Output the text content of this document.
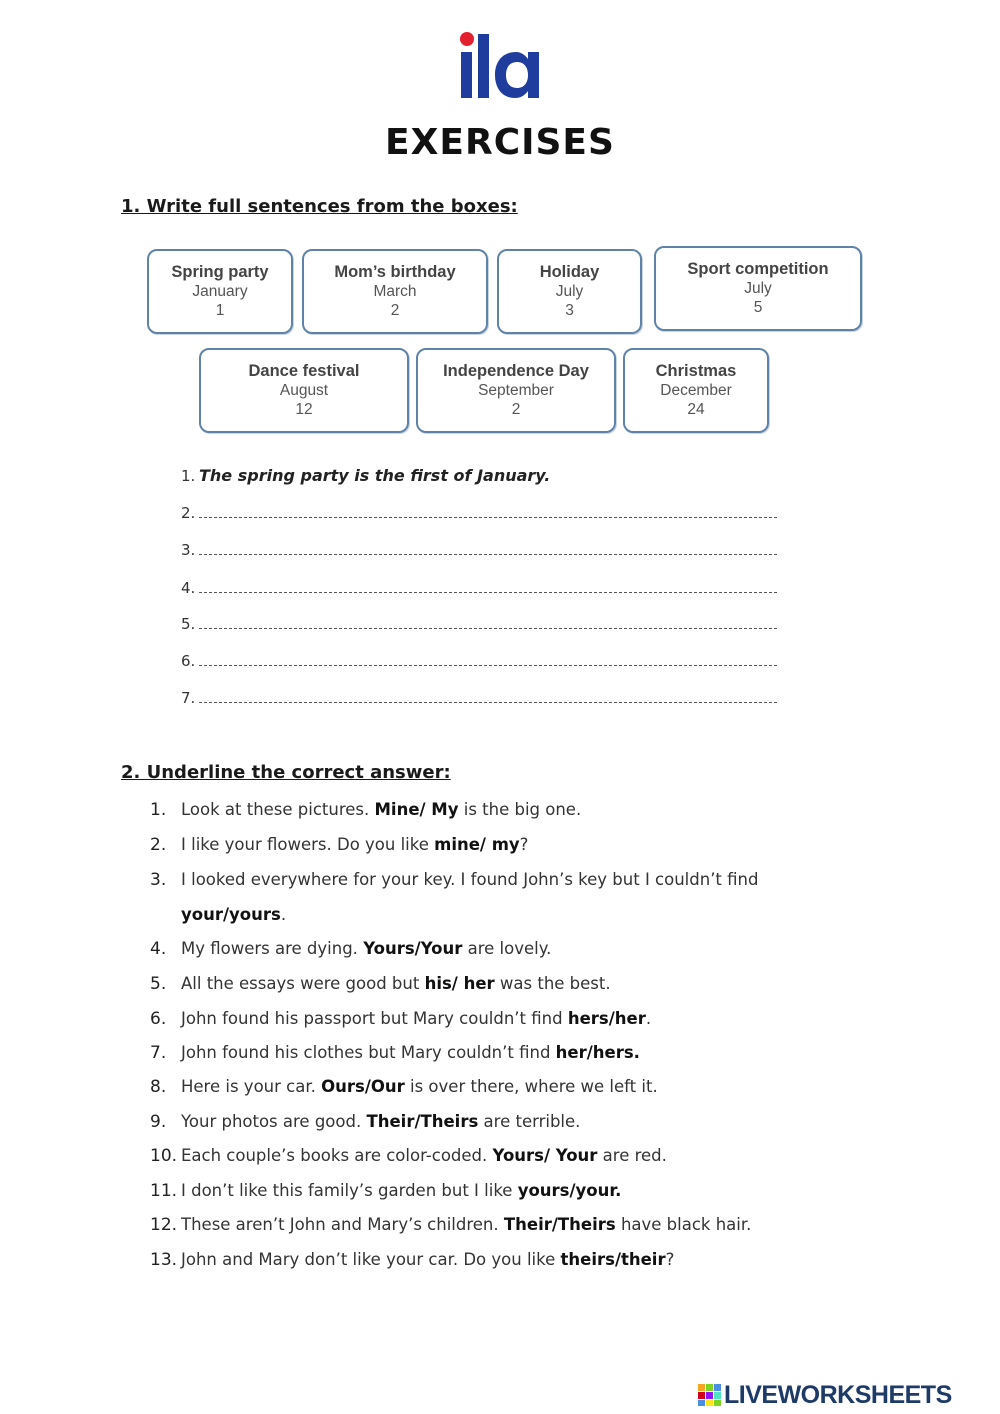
EXERCISES
1. Write full sentences from the boxes:
Spring party
January
1
Mom’s birthday
March
2
Holiday
July
3
Sport competition
July
5
Dance festival
August
12
Independence Day
September
2
Christmas
December
24
1. The spring party is the first of January.
2.
3.
4.
5.
6.
7.
2. Underline the correct answer:
1. Look at these pictures. Mine/ My is the big one.
2. I like your flowers. Do you like mine/ my?
3. I looked everywhere for your key. I found John’s key but I couldn’t find
your/yours.
4. My flowers are dying. Yours/Your are lovely.
5. All the essays were good but his/ her was the best.
6. John found his passport but Mary couldn’t find hers/her.
7. John found his clothes but Mary couldn’t find her/hers.
8. Here is your car. Ours/Our is over there, where we left it.
9. Your photos are good. Their/Theirs are terrible.
10. Each couple’s books are color-coded. Yours/ Your are red.
11. I don’t like this family’s garden but I like yours/your.
12. These aren’t John and Mary’s children. Their/Theirs have black hair.
13. John and Mary don’t like your car. Do you like theirs/their?
LIVEWORKSHEETS
